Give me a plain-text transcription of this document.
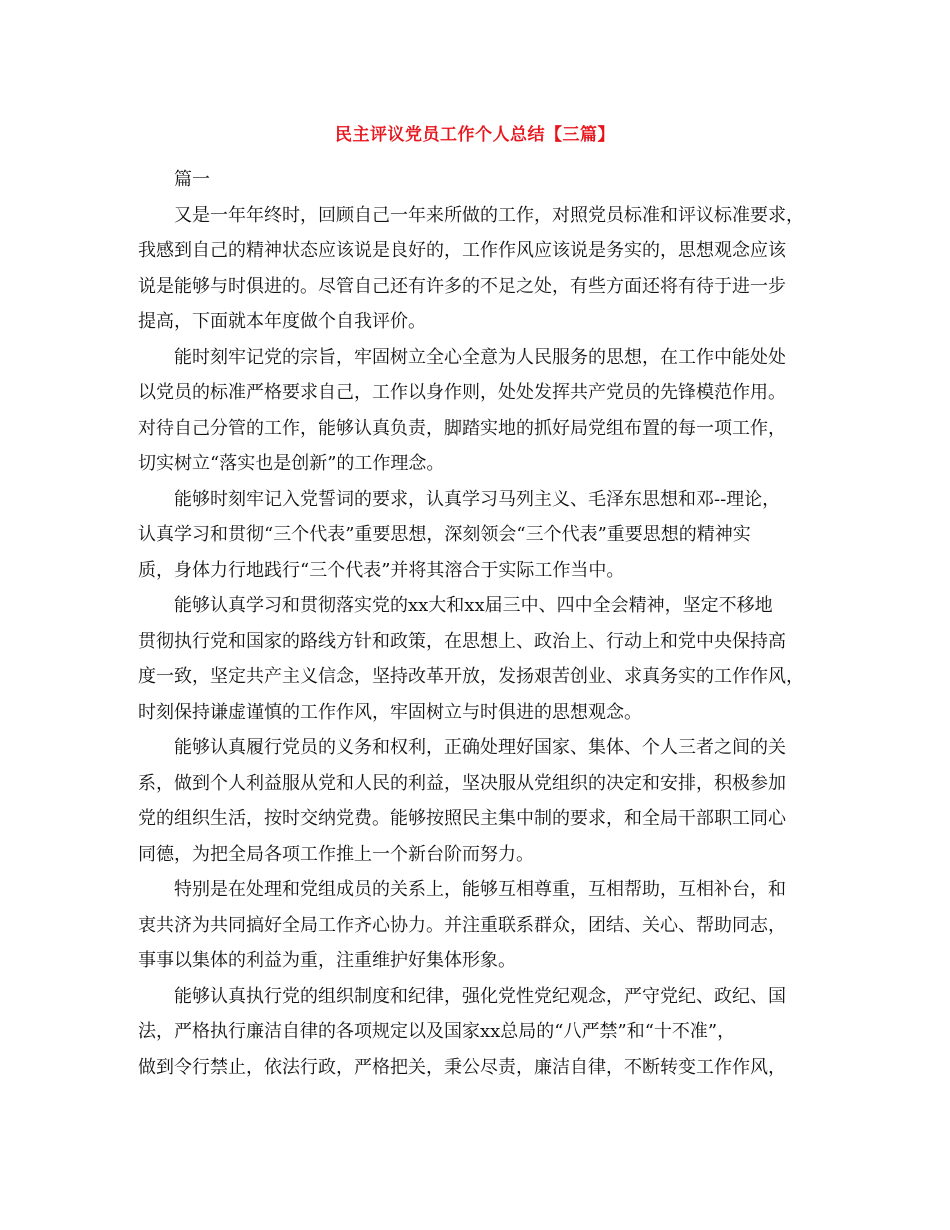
民主评议党员工作个人总结【三篇】
篇一
又是一年年终时，回顾自己一年来所做的工作，对照党员标准和评议标准要求，
我感到自己的精神状态应该说是良好的，工作作风应该说是务实的，思想观念应该
说是能够与时俱进的。尽管自己还有许多的不足之处，有些方面还将有待于进一步
提高，下面就本年度做个自我评价。
能时刻牢记党的宗旨，牢固树立全心全意为人民服务的思想，在工作中能处处
以党员的标准严格要求自己，工作以身作则，处处发挥共产党员的先锋模范作用。
对待自己分管的工作，能够认真负责，脚踏实地的抓好局党组布置的每一项工作，
切实树立“落实也是创新”的工作理念。
能够时刻牢记入党誓词的要求，认真学习马列主义、毛泽东思想和邓--理论，
认真学习和贯彻“三个代表”重要思想，深刻领会“三个代表”重要思想的精神实
质，身体力行地践行“三个代表”并将其溶合于实际工作当中。
能够认真学习和贯彻落实党的xx大和xx届三中、四中全会精神，坚定不移地
贯彻执行党和国家的路线方针和政策，在思想上、政治上、行动上和党中央保持高
度一致，坚定共产主义信念，坚持改革开放，发扬艰苦创业、求真务实的工作作风，
时刻保持谦虚谨慎的工作作风，牢固树立与时俱进的思想观念。
能够认真履行党员的义务和权利，正确处理好国家、集体、个人三者之间的关
系，做到个人利益服从党和人民的利益，坚决服从党组织的决定和安排，积极参加
党的组织生活，按时交纳党费。能够按照民主集中制的要求，和全局干部职工同心
同德，为把全局各项工作推上一个新台阶而努力。
特别是在处理和党组成员的关系上，能够互相尊重，互相帮助，互相补台，和
衷共济为共同搞好全局工作齐心协力。并注重联系群众，团结、关心、帮助同志，
事事以集体的利益为重，注重维护好集体形象。
能够认真执行党的组织制度和纪律，强化党性党纪观念，严守党纪、政纪、国
法，严格执行廉洁自律的各项规定以及国家xx总局的“八严禁”和“十不准”，
做到令行禁止，依法行政，严格把关，秉公尽责，廉洁自律，不断转变工作作风，
